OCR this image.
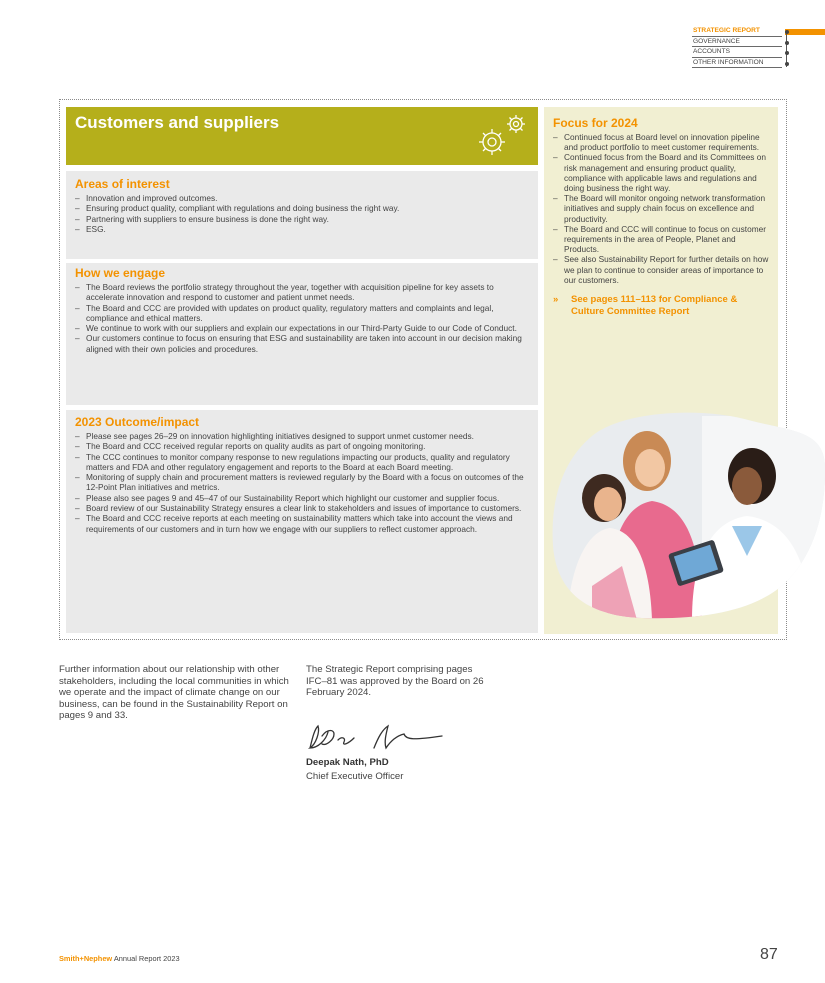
STRATEGIC REPORT
GOVERNANCE
ACCOUNTS
OTHER INFORMATION
Customers and suppliers
Areas of interest
– Innovation and improved outcomes.
– Ensuring product quality, compliant with regulations and doing business the right way.
– Partnering with suppliers to ensure business is done the right way.
– ESG.
How we engage
– The Board reviews the portfolio strategy throughout the year, together with acquisition pipeline for key assets to accelerate innovation and respond to customer and patient unmet needs.
– The Board and CCC are provided with updates on product quality, regulatory matters and complaints and legal, compliance and ethical matters.
– We continue to work with our suppliers and explain our expectations in our Third-Party Guide to our Code of Conduct.
– Our customers continue to focus on ensuring that ESG and sustainability are taken into account in our decision making aligned with their own policies and procedures.
2023 Outcome/impact
– Please see pages 26–29 on innovation highlighting initiatives designed to support unmet customer needs.
– The Board and CCC received regular reports on quality audits as part of ongoing monitoring.
– The CCC continues to monitor company response to new regulations impacting our products, quality and regulatory matters and FDA and other regulatory engagement and reports to the Board at each Board meeting.
– Monitoring of supply chain and procurement matters is reviewed regularly by the Board with a focus on outcomes of the 12-Point Plan initiatives and metrics.
– Please also see pages 9 and 45–47 of our Sustainability Report which highlight our customer and supplier focus.
– Board review of our Sustainability Strategy ensures a clear link to stakeholders and issues of importance to customers.
– The Board and CCC receive reports at each meeting on sustainability matters which take into account the views and requirements of our customers and in turn how we engage with our suppliers to reflect customer approach.
Focus for 2024
– Continued focus at Board level on innovation pipeline and product portfolio to meet customer requirements.
– Continued focus from the Board and its Committees on risk management and ensuring product quality, compliance with applicable laws and regulations and doing business the right way.
– The Board will monitor ongoing network transformation initiatives and supply chain focus on excellence and productivity.
– The Board and CCC will continue to focus on customer requirements in the area of People, Planet and Products.
– See also Sustainability Report for further details on how we plan to continue to consider areas of importance to our customers.
» See pages 111–113 for Compliance & Culture Committee Report
Further information about our relationship with other stakeholders, including the local communities in which we operate and the impact of climate change on our business, can be found in the Sustainability Report on pages 9 and 33.
The Strategic Report comprising pages IFC–81 was approved by the Board on 26 February 2024.
Deepak Nath, PhD
Chief Executive Officer
Smith+Nephew Annual Report 2023	87
